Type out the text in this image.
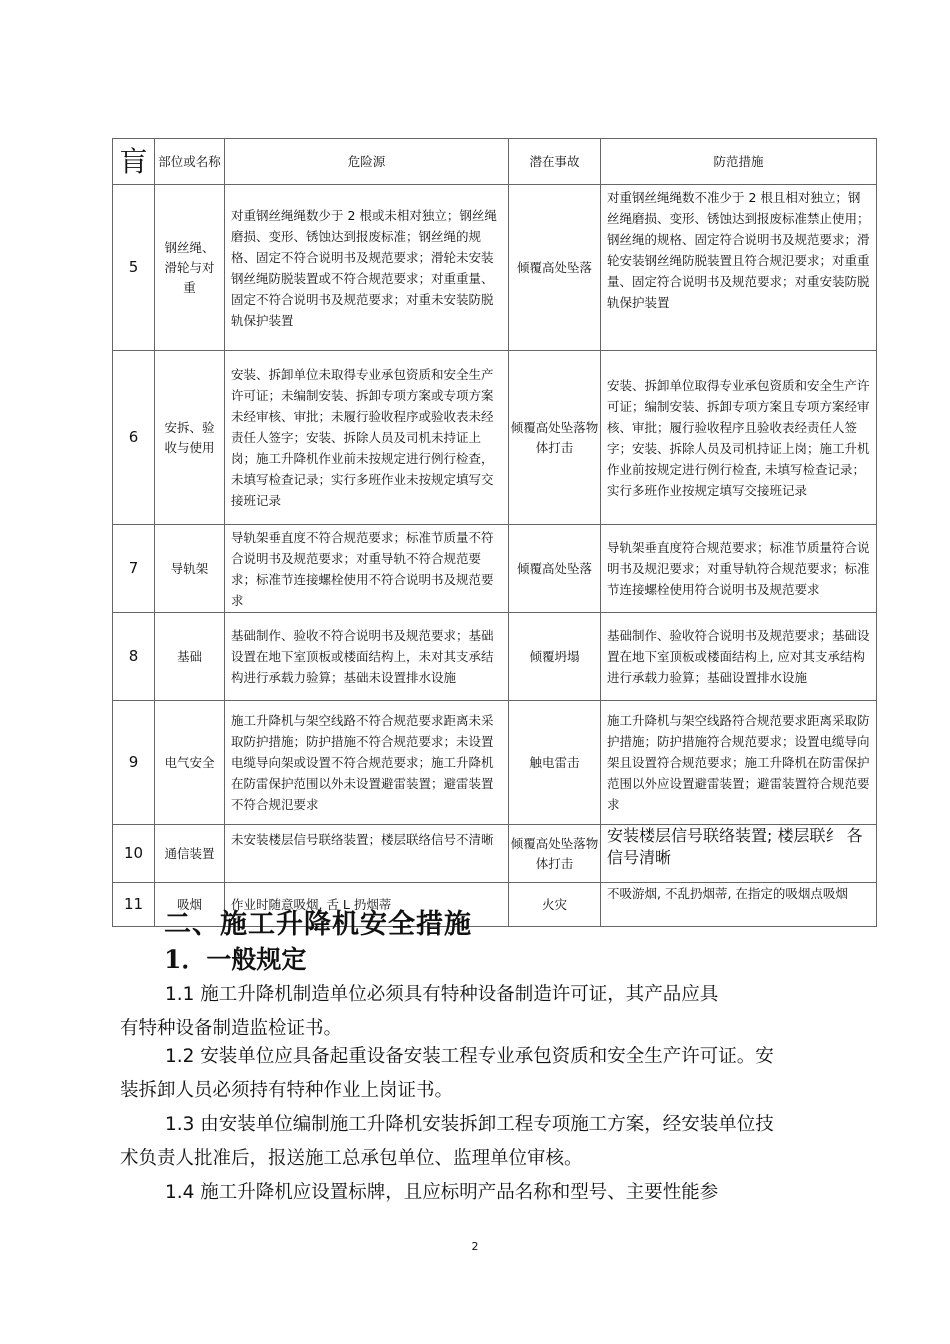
肓	部位或名称	危险源	潜在事故	防范措施
5	钢丝绳、滑轮与对重	对重钢丝绳绳数少于 2 根或未相对独立；钢丝绳磨损、变形、锈蚀达到报废标准；钢丝绳的规格、固定不符合说明书及规范要求；滑轮未安装钢丝绳防脱装置或不符合规范要求；对重重量、固定不符合说明书及规范要求；对重未安装防脱轨保护装置	倾覆高处坠落	对重钢丝绳绳数不准少于 2 根且相对独立；钢丝绳磨损、变形、锈蚀达到报废标准禁止使用；钢丝绳的规格、固定符合说明书及规范要求；滑轮安装钢丝绳防脱装置且符合规氾要求；对重重量、固定符合说明书及规范要求；对重安装防脱轨保护装置
6	安拆、验收与使用	安装、拆卸单位未取得专业承包资质和安全生产许可证；未编制安装、拆卸专项方案或专项方案未经审核、审批；未履行验收程序或验收表未经责任人签字；安装、拆除人员及司机未持证上岗；施工升降机作业前未按规定进行例行检查，未填写检查记录；实行多班作业未按规定填写交接班记录	倾覆高处坠落物体打击	安装、拆卸单位取得专业承包资质和安全生产许可证；编制安装、拆卸专项方案且专项方案经审核、审批；履行验收程序且验收表经责任人签字；安装、拆除人员及司机持证上岗；施工升机作业前按规定进行例行检査, 未填写检查记录；实行多班作业按规定填写交接班记录
7	导轨架	导轨架垂直度不符合规范要求；标准节质量不符合说明书及规范要求；对重导轨不符合规范要求；标准节连接螺栓使用不符合说明书及规范要求	倾覆高处坠落	导轨架垂直度符合规范要求；标准节质量符合说明书及规氾要求；对重导轨符合规范要求；标准节连接螺栓使用符合说明书及规范要求
8	基础	基础制作、验收不符合说明书及规范要求；基础设置在地下室顶板或楼面结构上，未对其支承结构进行承载力验算；基础未设置排水设施	倾覆坍塌	基础制作、验收符合说明书及规范要求；基础设置在地下室顶板或楼面结构上, 应对其支承结构进行承载力验算；基础设置排水设施
9	电气安全	施工升降机与架空线路不符合规范要求距离未采取防护措施；防护措施不符合规范要求；未设置电缆导向架或设置不符合规范要求；施工升降机在防雷保护范围以外未设置避雷装置；避雷装置不符合规氾要求	触电雷击	施工升降机与架空线路符合规范要求距离采取防护措施；防护措施符合规范要求；设置电缆导向架且设置符合规范要求；施工升降机在防雷保护范围以外应设置避雷装置；避雷装置符合规范要求
10	通信装置	未安装楼层信号联络装置；楼层联络信号不清晰	倾覆高处坠落物体打击	安装楼层信号联络装置; 楼层联纟 各信号清晰
11	吸烟	作业时随意吸烟, 舌 L 扔烟蒂	火灾	不吸游烟, 不乱扔烟蒂, 在指定的吸烟点吸烟
二、施工升降机安全措施
1．一般规定
1.1 施工升降机制造单位必须具有特种设备制造许可证，其产品应具
有特种设备制造监检证书。
1.2 安装单位应具备起重设备安装工程专业承包资质和安全生产许可证。安
装拆卸人员必须持有特种作业上岗证书。
1.3 由安装单位编制施工升降机安装拆卸工程专项施工方案，经安装单位技
术负责人批准后，报送施工总承包单位、监理单位审核。
1.4 施工升降机应设置标牌，且应标明产品名称和型号、主要性能参
2
